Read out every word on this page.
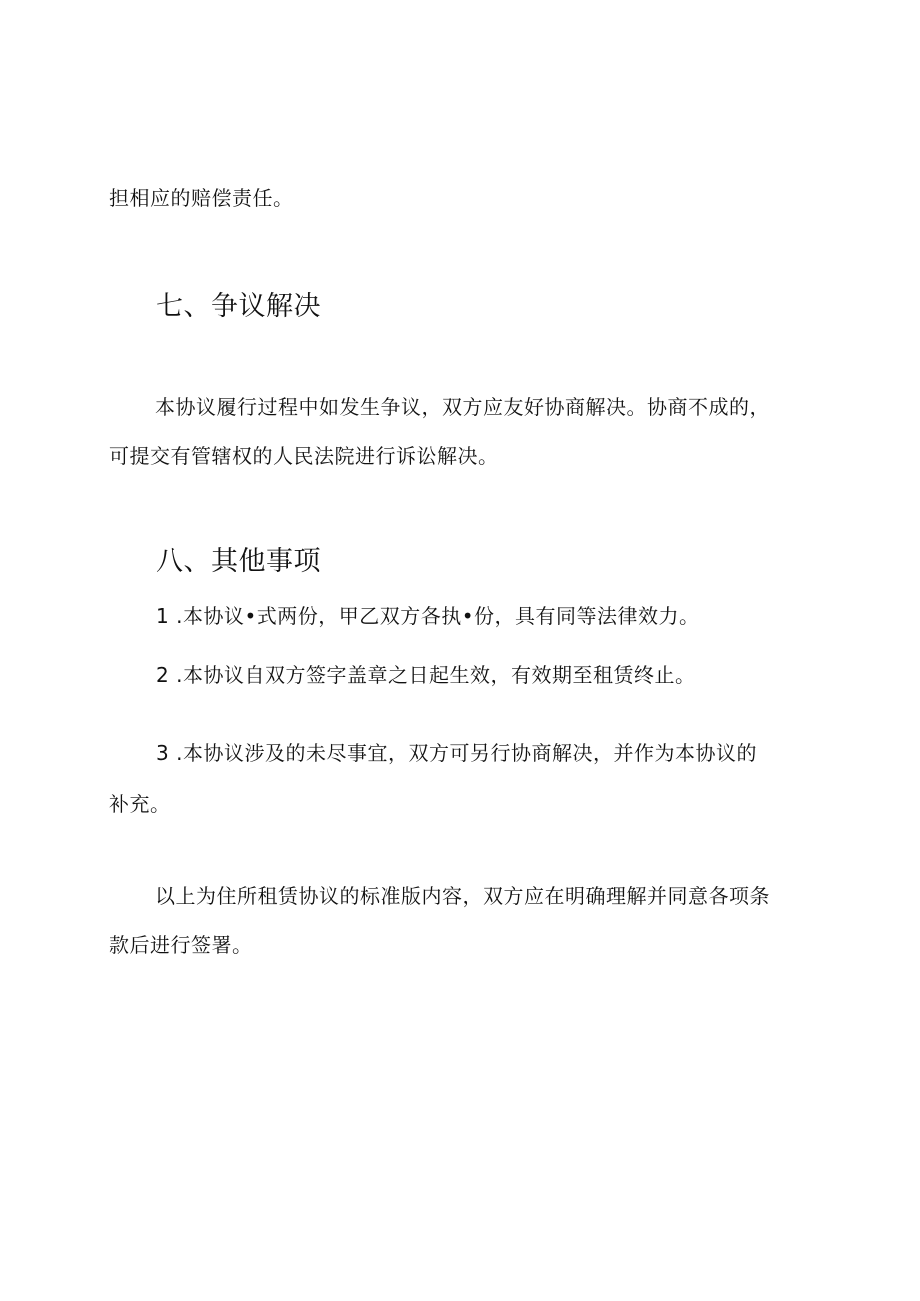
担相应的赔偿责任。
七、争议解决
本协议履行过程中如发生争议，双方应友好协商解决。协商不成的，
可提交有管辖权的人民法院进行诉讼解决。
八、其他事项
1 .本协议•式两份，甲乙双方各执•份，具有同等法律效力。
2 .本协议自双方签字盖章之日起生效，有效期至租赁终止。
3 .本协议涉及的未尽事宜，双方可另行协商解决，并作为本协议的
补充。
以上为住所租赁协议的标准版内容，双方应在明确理解并同意各项条
款后进行签署。
